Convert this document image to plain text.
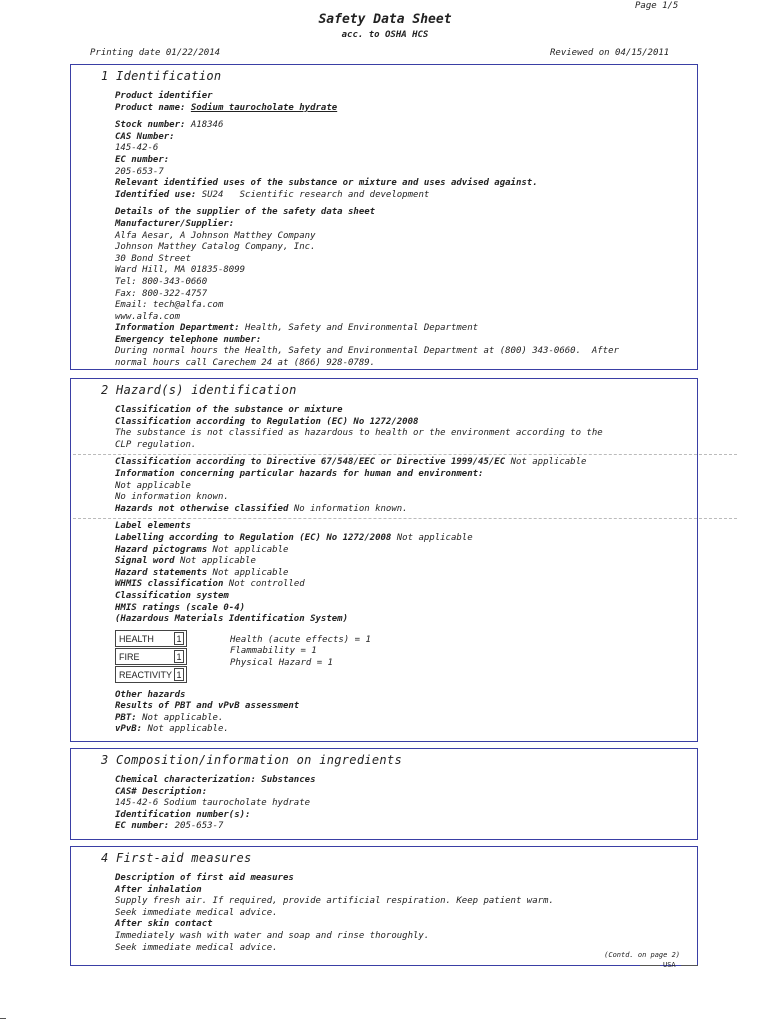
Page 1/5
Safety Data Sheet
acc. to OSHA HCS
Printing date 01/22/2014	Reviewed on 04/15/2011
1 Identification
Product identifier
Product name: Sodium taurocholate hydrate
Stock number: A18346
CAS Number:
145-42-6
EC number:
205-653-7
Relevant identified uses of the substance or mixture and uses advised against.
Identified use: SU24   Scientific research and development
Details of the supplier of the safety data sheet
Manufacturer/Supplier:
Alfa Aesar, A Johnson Matthey Company
Johnson Matthey Catalog Company, Inc.
30 Bond Street
Ward Hill, MA 01835-8099
Tel: 800-343-0660
Fax: 800-322-4757
Email: tech@alfa.com
www.alfa.com
Information Department: Health, Safety and Environmental Department
Emergency telephone number:
During normal hours the Health, Safety and Environmental Department at (800) 343-0660.  After
normal hours call Carechem 24 at (866) 928-0789.
2 Hazard(s) identification
Classification of the substance or mixture
Classification according to Regulation (EC) No 1272/2008
The substance is not classified as hazardous to health or the environment according to the
CLP regulation.
Classification according to Directive 67/548/EEC or Directive 1999/45/EC Not applicable
Information concerning particular hazards for human and environment:
Not applicable
No information known.
Hazards not otherwise classified No information known.
Label elements
Labelling according to Regulation (EC) No 1272/2008 Not applicable
Hazard pictograms Not applicable
Signal word Not applicable
Hazard statements Not applicable
WHMIS classification Not controlled
Classification system
HMIS ratings (scale 0-4)
(Hazardous Materials Identification System)
HEALTH	1
FIRE	1
REACTIVITY 1
Health (acute effects) = 1
Flammability = 1
Physical Hazard = 1
Other hazards
Results of PBT and vPvB assessment
PBT: Not applicable.
vPvB: Not applicable.
3 Composition/information on ingredients
Chemical characterization: Substances
CAS# Description:
145-42-6 Sodium taurocholate hydrate
Identification number(s):
EC number: 205-653-7
4 First-aid measures
Description of first aid measures
After inhalation
Supply fresh air. If required, provide artificial respiration. Keep patient warm.
Seek immediate medical advice.
After skin contact
Immediately wash with water and soap and rinse thoroughly.
Seek immediate medical advice.
(Contd. on page 2)
USA
